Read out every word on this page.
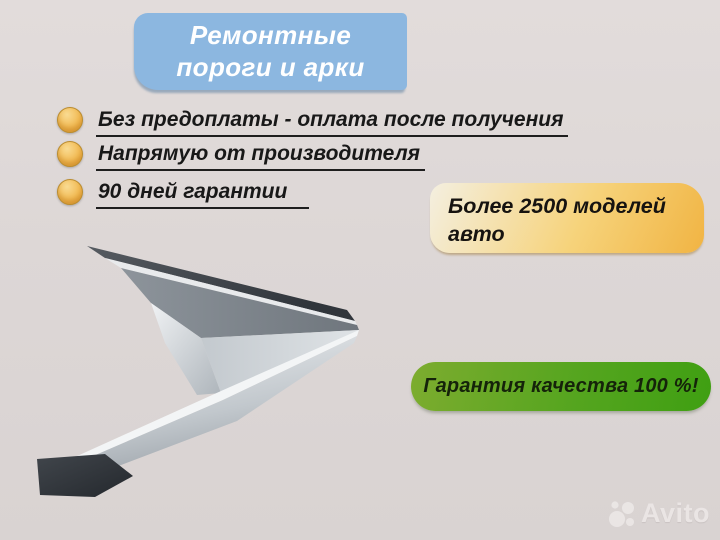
Ремонтные
пороги и арки
Без предоплаты - оплата после получения
Напрямую от производителя
90 дней гарантии
Более 2500 моделей авто
Гарантия качества 100 %!
Avito
